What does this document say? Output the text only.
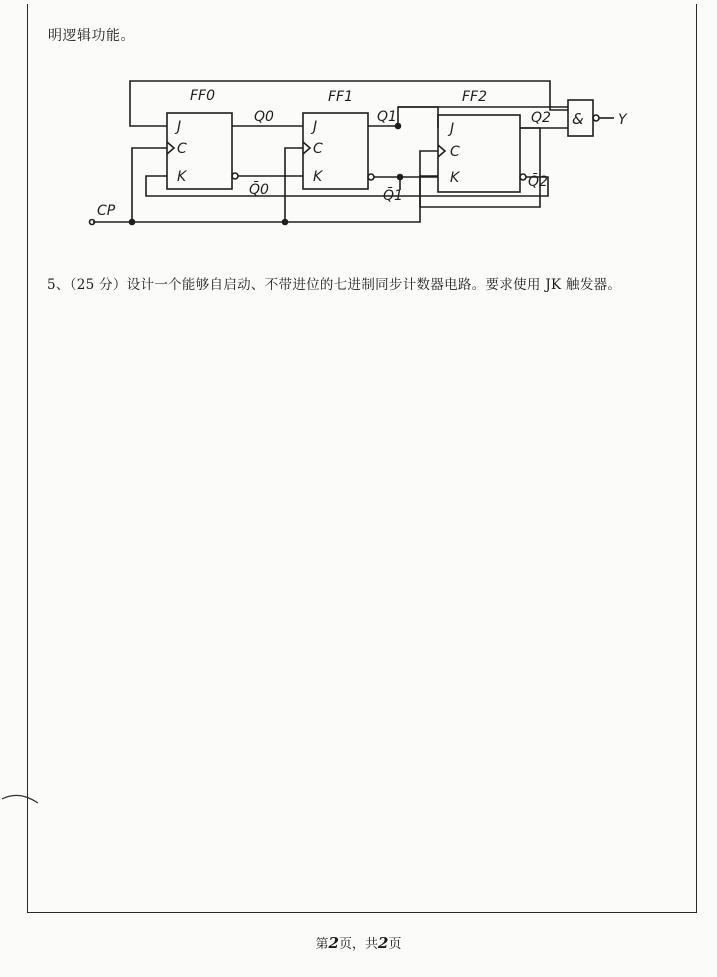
明逻辑功能。
FF0	FF1	FF2
J
C
K
J
C
K
J
C
K
Q0	Q1	Q2
Q̄0	Q̄1
Q̄2
CP
& Y
5、（25 分）设计一个能够自启动、不带进位的七进制同步计数器电路。要求使用 JK 触发器。
第2页，共2页
